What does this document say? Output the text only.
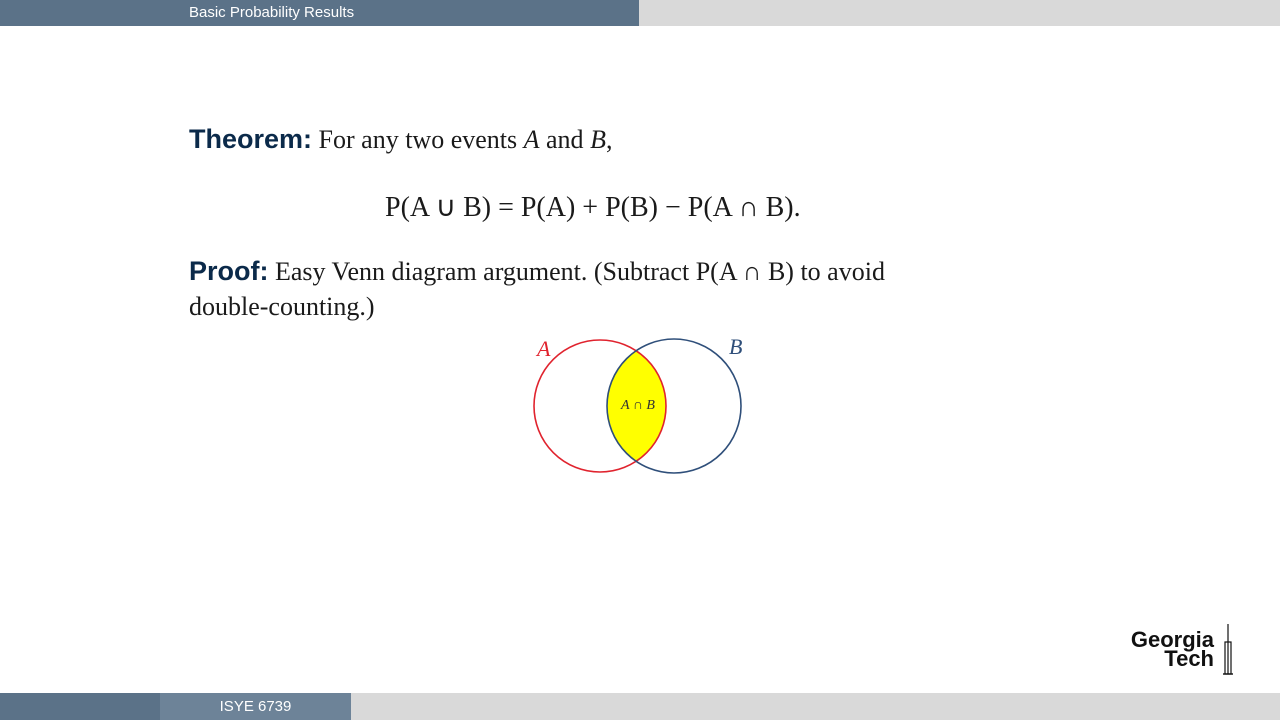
Basic Probability Results
Theorem: For any two events A and B,
P(A ∪ B) = P(A) + P(B) − P(A ∩ B).
Proof: Easy Venn diagram argument. (Subtract P(A ∩ B) to avoid
double-counting.)
A	B
A ∩ B
Georgia
Tech
ISYE 6739
